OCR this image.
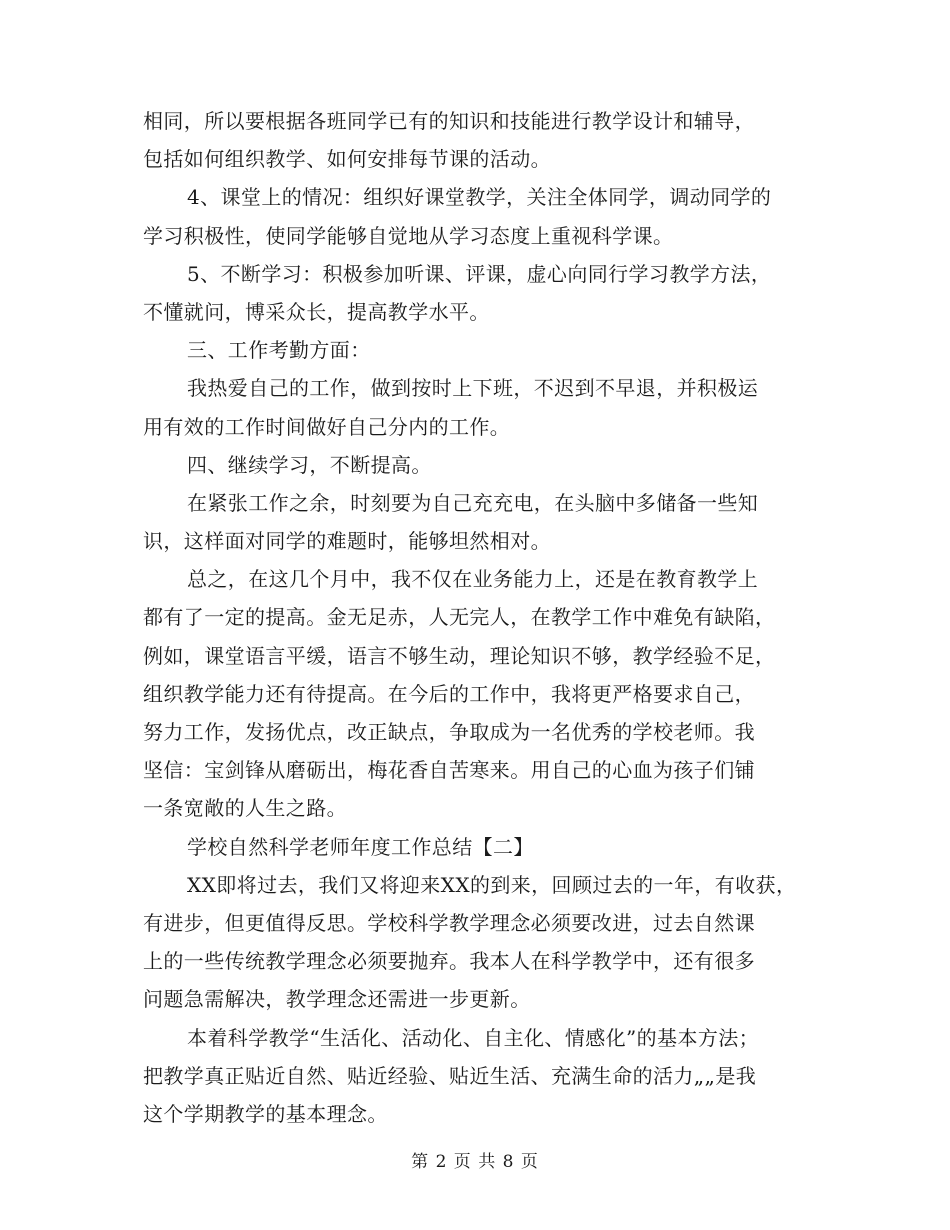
相同，所以要根据各班同学已有的知识和技能进行教学设计和辅导，
包括如何组织教学、如何安排每节课的活动。
4、课堂上的情况：组织好课堂教学，关注全体同学，调动同学的
学习积极性，使同学能够自觉地从学习态度上重视科学课。
5、不断学习：积极参加听课、评课，虚心向同行学习教学方法，
不懂就问，博采众长，提高教学水平。
三、工作考勤方面：
我热爱自己的工作，做到按时上下班，不迟到不早退，并积极运
用有效的工作时间做好自己分内的工作。
四、继续学习，不断提高。
在紧张工作之余，时刻要为自己充充电，在头脑中多储备一些知
识，这样面对同学的难题时，能够坦然相对。
总之，在这几个月中，我不仅在业务能力上，还是在教育教学上
都有了一定的提高。金无足赤，人无完人，在教学工作中难免有缺陷，
例如，课堂语言平缓，语言不够生动，理论知识不够，教学经验不足，
组织教学能力还有待提高。在今后的工作中，我将更严格要求自己，
努力工作，发扬优点，改正缺点，争取成为一名优秀的学校老师。我
坚信：宝剑锋从磨砺出，梅花香自苦寒来。用自己的心血为孩子们铺
一条宽敞的人生之路。
学校自然科学老师年度工作总结【二】
XX即将过去，我们又将迎来XX的到来，回顾过去的一年，有收获，
有进步，但更值得反思。学校科学教学理念必须要改进，过去自然课
上的一些传统教学理念必须要抛弃。我本人在科学教学中，还有很多
问题急需解决，教学理念还需进一步更新。
本着科学教学“生活化、活动化、自主化、情感化”的基本方法；
把教学真正贴近自然、贴近经验、贴近生活、充满生命的活力„„是我
这个学期教学的基本理念。
第 2 页 共 8 页
